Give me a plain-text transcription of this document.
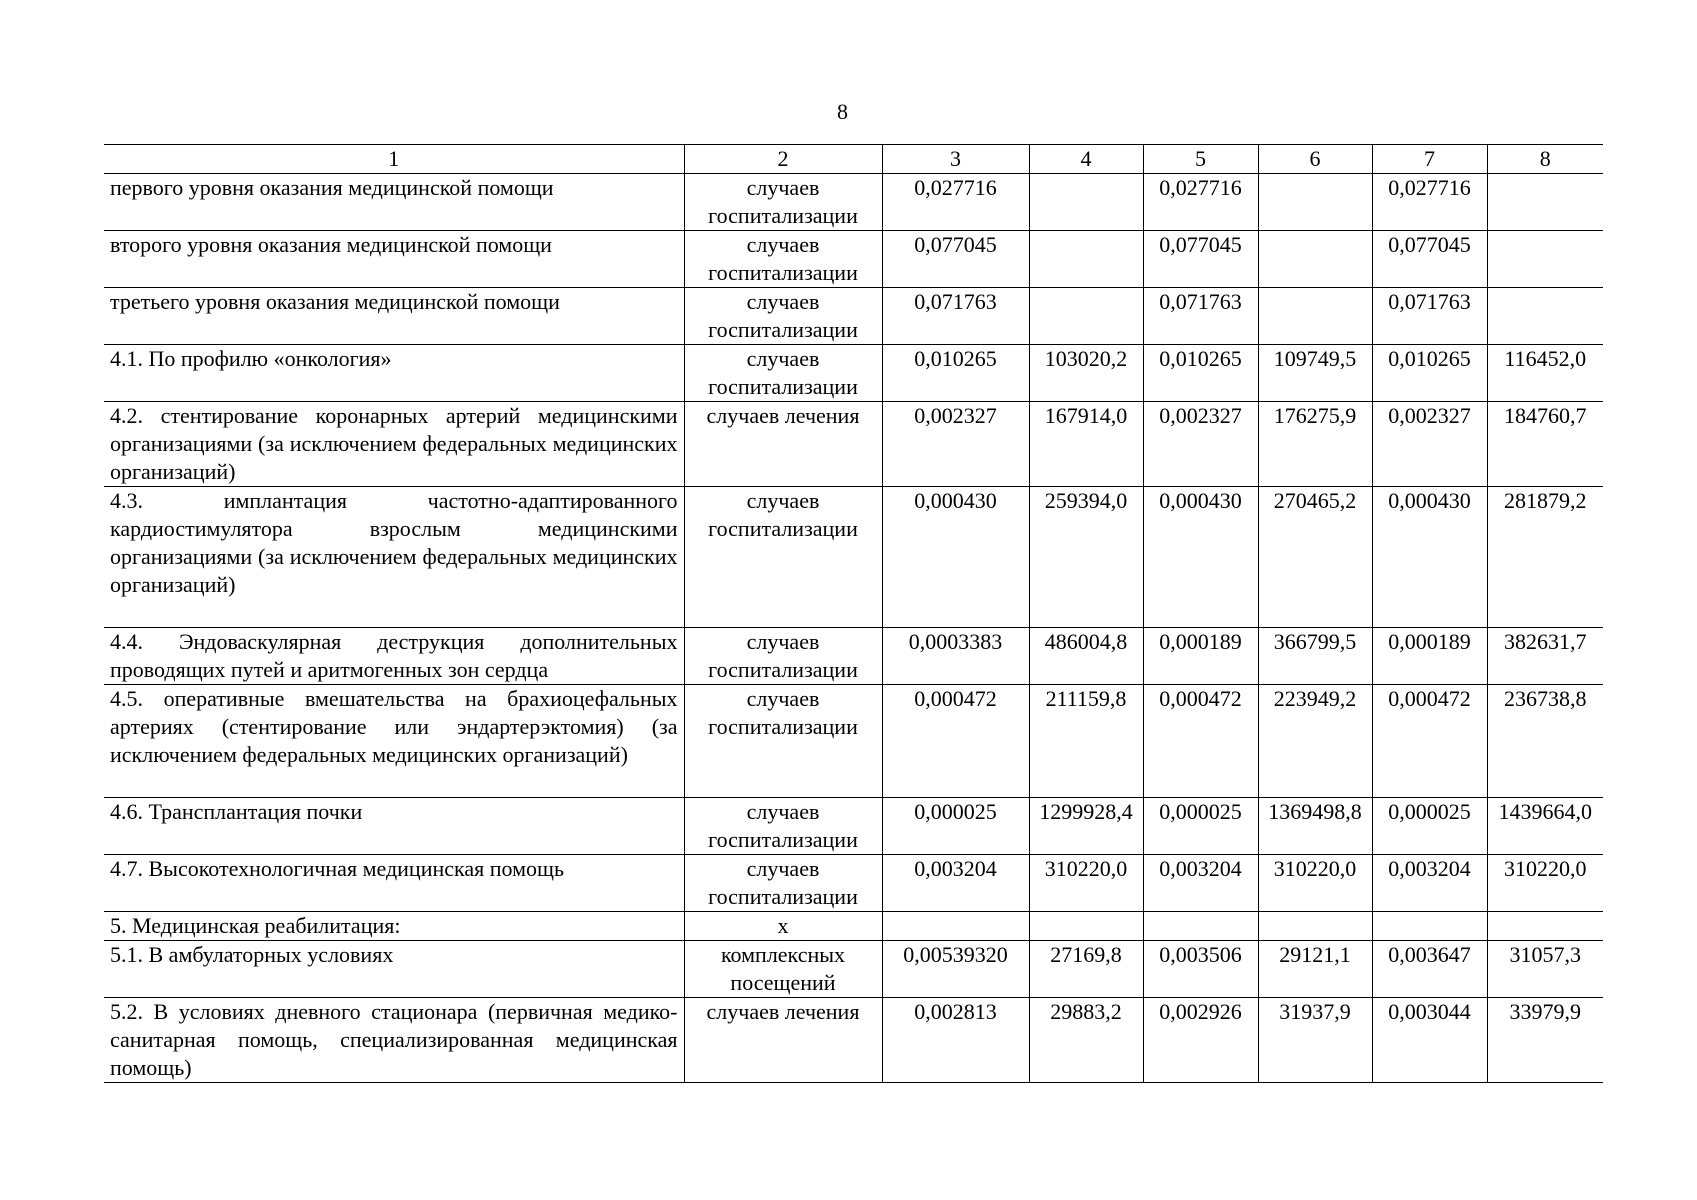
8
1	2	3	4	5	6	7	8
первого уровня оказания медицинской помощи	случаев госпитализации	0,027716		0,027716		0,027716	
второго уровня оказания медицинской помощи	случаев госпитализации	0,077045		0,077045		0,077045	
третьего уровня оказания медицинской помощи	случаев госпитализации	0,071763		0,071763		0,071763	
4.1. По профилю «онкология»	случаев госпитализации	0,010265	103020,2	0,010265	109749,5	0,010265	116452,0
4.2. стентирование коронарных артерий медицинскими организациями (за исключением федеральных медицинских организаций)	случаев лечения	0,002327	167914,0	0,002327	176275,9	0,002327	184760,7
4.3. имплантация частотно-адаптированного кардиостимулятора взрослым медицинскими организациями (за исключением федеральных медицинских организаций)	случаев госпитализации	0,000430	259394,0	0,000430	270465,2	0,000430	281879,2
4.4. Эндоваскулярная деструкция дополнительных проводящих путей и аритмогенных зон сердца	случаев госпитализации	0,0003383	486004,8	0,000189	366799,5	0,000189	382631,7
4.5. оперативные вмешательства на брахиоцефальных артериях (стентирование или эндартерэктомия) (за исключением федеральных медицинских организаций)	случаев госпитализации	0,000472	211159,8	0,000472	223949,2	0,000472	236738,8
4.6. Трансплантация почки	случаев госпитализации	0,000025	1299928,4	0,000025	1369498,8	0,000025	1439664,0
4.7. Высокотехнологичная медицинская помощь	случаев госпитализации	0,003204	310220,0	0,003204	310220,0	0,003204	310220,0
5. Медицинская реабилитация:	х						
5.1. В амбулаторных условиях	комплексных посещений	0,00539320	27169,8	0,003506	29121,1	0,003647	31057,3
5.2. В условиях дневного стационара (первичная медико-санитарная помощь, специализированная медицинская помощь)	случаев лечения	0,002813	29883,2	0,002926	31937,9	0,003044	33979,9
